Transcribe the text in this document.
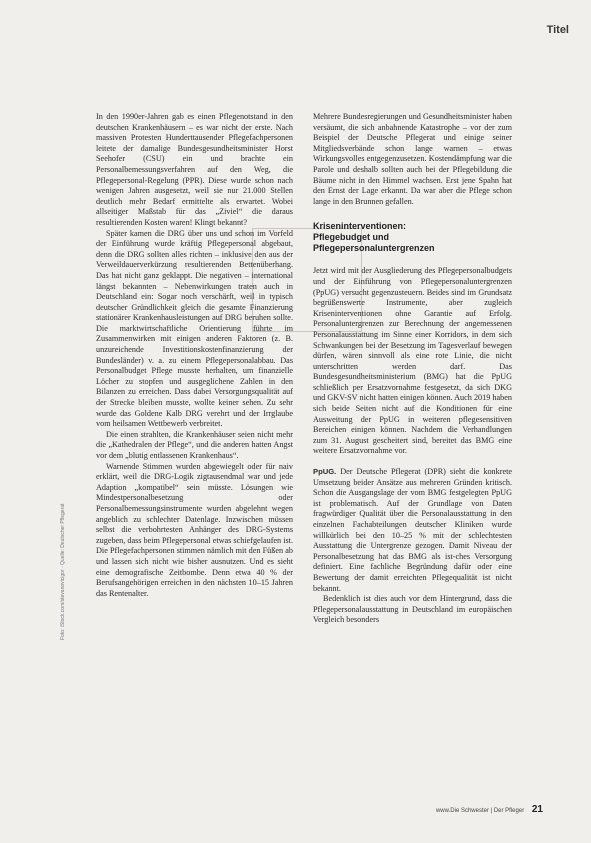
Titel

In den 1990er-Jahren gab es einen Pflegenotstand in den deutschen Krankenhäusern – es war nicht der erste. Nach massiven Protesten Hunderttausender Pflegefachpersonen leitete der damalige Bundesgesundheitsminister Horst Seehofer (CSU) ein und brachte ein Personalbemessungsverfahren auf den Weg, die Pflegepersonal-Regelung (PPR). Diese wurde schon nach wenigen Jahren ausgesetzt, weil sie nur 21.000 Stellen deutlich mehr Bedarf ermittelte als erwartet. Wobei allseitiger Maßstab für das „Ziviel“ die daraus resultierenden Kosten waren! Klingt bekannt?

Später kamen die DRG über uns und schon im Vorfeld der Einführung wurde kräftig Pflegepersonal abgebaut, denn die DRG sollten alles richten – inklusive den aus der Verweildauerverkürzung resultierenden Bettenüberhang. Das hat nicht ganz geklappt. Die negativen – international längst bekannten – Nebenwirkungen traten auch in Deutschland ein: Sogar noch verschärft, weil in typisch deutscher Gründlichkeit gleich die gesamte Finanzierung stationärer Krankenhausleistungen auf DRG beruhen sollte. Die marktwirtschaftliche Orientierung führte im Zusammenwirken mit einigen anderen Faktoren (z. B. unzureichende Investitionskostenfinanzierung der Bundesländer) v. a. zu einem Pflegepersonalabbau. Das Personalbudget Pflege musste herhalten, um finanzielle Löcher zu stopfen und ausgeglichene Zahlen in den Bilanzen zu erreichen. Dass dabei Versorgungsqualität auf der Strecke bleiben musste, wollte keiner sehen. Zu sehr wurde das Goldene Kalb DRG verehrt und der Irrglaube vom heilsamen Wettbewerb verbreitet.

Die einen strahlten, die Krankenhäuser seien nicht mehr die „Kathedralen der Pflege“, und die anderen hatten Angst vor dem „blutig entlassenen Krankenhaus“.

Warnende Stimmen wurden abgewiegelt oder für naiv erklärt, weil die DRG-Logik zigtausendmal war und jede Adaption „kompatibel“ sein müsste. Lösungen wie Mindestpersonalbesetzung oder Personalbemessungsinstrumente wurden abgelehnt wegen angeblich zu schlechter Datenlage. Inzwischen müssen selbst die verbohrtesten Anhänger des DRG-Systems zugeben, dass beim Pflegepersonal etwas schiefgelaufen ist. Die Pflegefachpersonen stimmen nämlich mit den Füßen ab und lassen sich nicht wie bisher ausnutzen. Und es sieht eine demografische Zeitbombe. Denn etwa 40 % der Berufsangehörigen erreichen in den nächsten 10–15 Jahren das Rentenalter.

Mehrere Bundesregierungen und Gesundheitsminister haben versäumt, die sich anbahnende Katastrophe – vor der zum Beispiel der Deutsche Pflegerat und einige seiner Mitgliedsverbände schon lange warnen – etwas Wirkungsvolles entgegenzusetzen. Kostendämpfung war die Parole und deshalb sollten auch bei der Pflegebildung die Bäume nicht in den Himmel wachsen. Erst jene Spahn hat den Ernst der Lage erkannt. Da war aber die Pflege schon lange in den Brunnen gefallen.

Kriseninterventionen:
Pflegebudget und
Pflegepersonaluntergrenzen

Jetzt wird mit der Ausgliederung des Pflegepersonalbudgets und der Einführung von Pflegepersonaluntergrenzen (PpUG) versucht gegenzusteuern. Beides sind im Grundsatz begrüßenswerte Instrumente, aber zugleich Kriseninterventionen ohne Garantie auf Erfolg. Personaluntergrenzen zur Berechnung der angemessenen Personalausstattung im Sinne einer Korridors, in dem sich Schwankungen bei der Besetzung im Tagesverlauf bewegen dürfen, wären sinnvoll als eine rote Linie, die nicht unterschritten werden darf. Das Bundesgesundheitsministerium (BMG) hat die PpUG schließlich per Ersatzvornahme festgesetzt, da sich DKG und GKV-SV nicht hatten einigen können. Auch 2019 haben sich beide Seiten nicht auf die Konditionen für eine Ausweitung der PpUG in weiteren pflegesensitiven Bereichen einigen können. Nachdem die Verhandlungen zum 31. August gescheitert sind, bereitet das BMG eine weitere Ersatzvornahme vor.

PpUG. Der Deutsche Pflegerat (DPR) sieht die konkrete Umsetzung beider Ansätze aus mehreren Gründen kritisch. Schon die Ausgangslage der vom BMG festgelegten PpUG ist problematisch. Auf der Grundlage von Daten fragwürdiger Qualität über die Personalausstattung in den einzelnen Fachabteilungen deutscher Kliniken wurde willkürlich bei den 10–25 % mit der schlechtesten Ausstattung die Untergrenze gezogen. Damit Niveau der Personalbesetzung hat das BMG als ist-ches Versorgung definiert. Eine fachliche Begründung dafür oder eine Bewertung der damit erreichten Pflegequalität ist nicht bekannt.

Bedenklich ist dies auch vor dem Hintergrund, dass die Pflegepersonalausstattung in Deutschland im europäischen Vergleich besonders

Foto: iStock.com/stevanovicigor · Quelle: Deutscher Pflegerat
www.Die Schwester | Der Pfleger 21
